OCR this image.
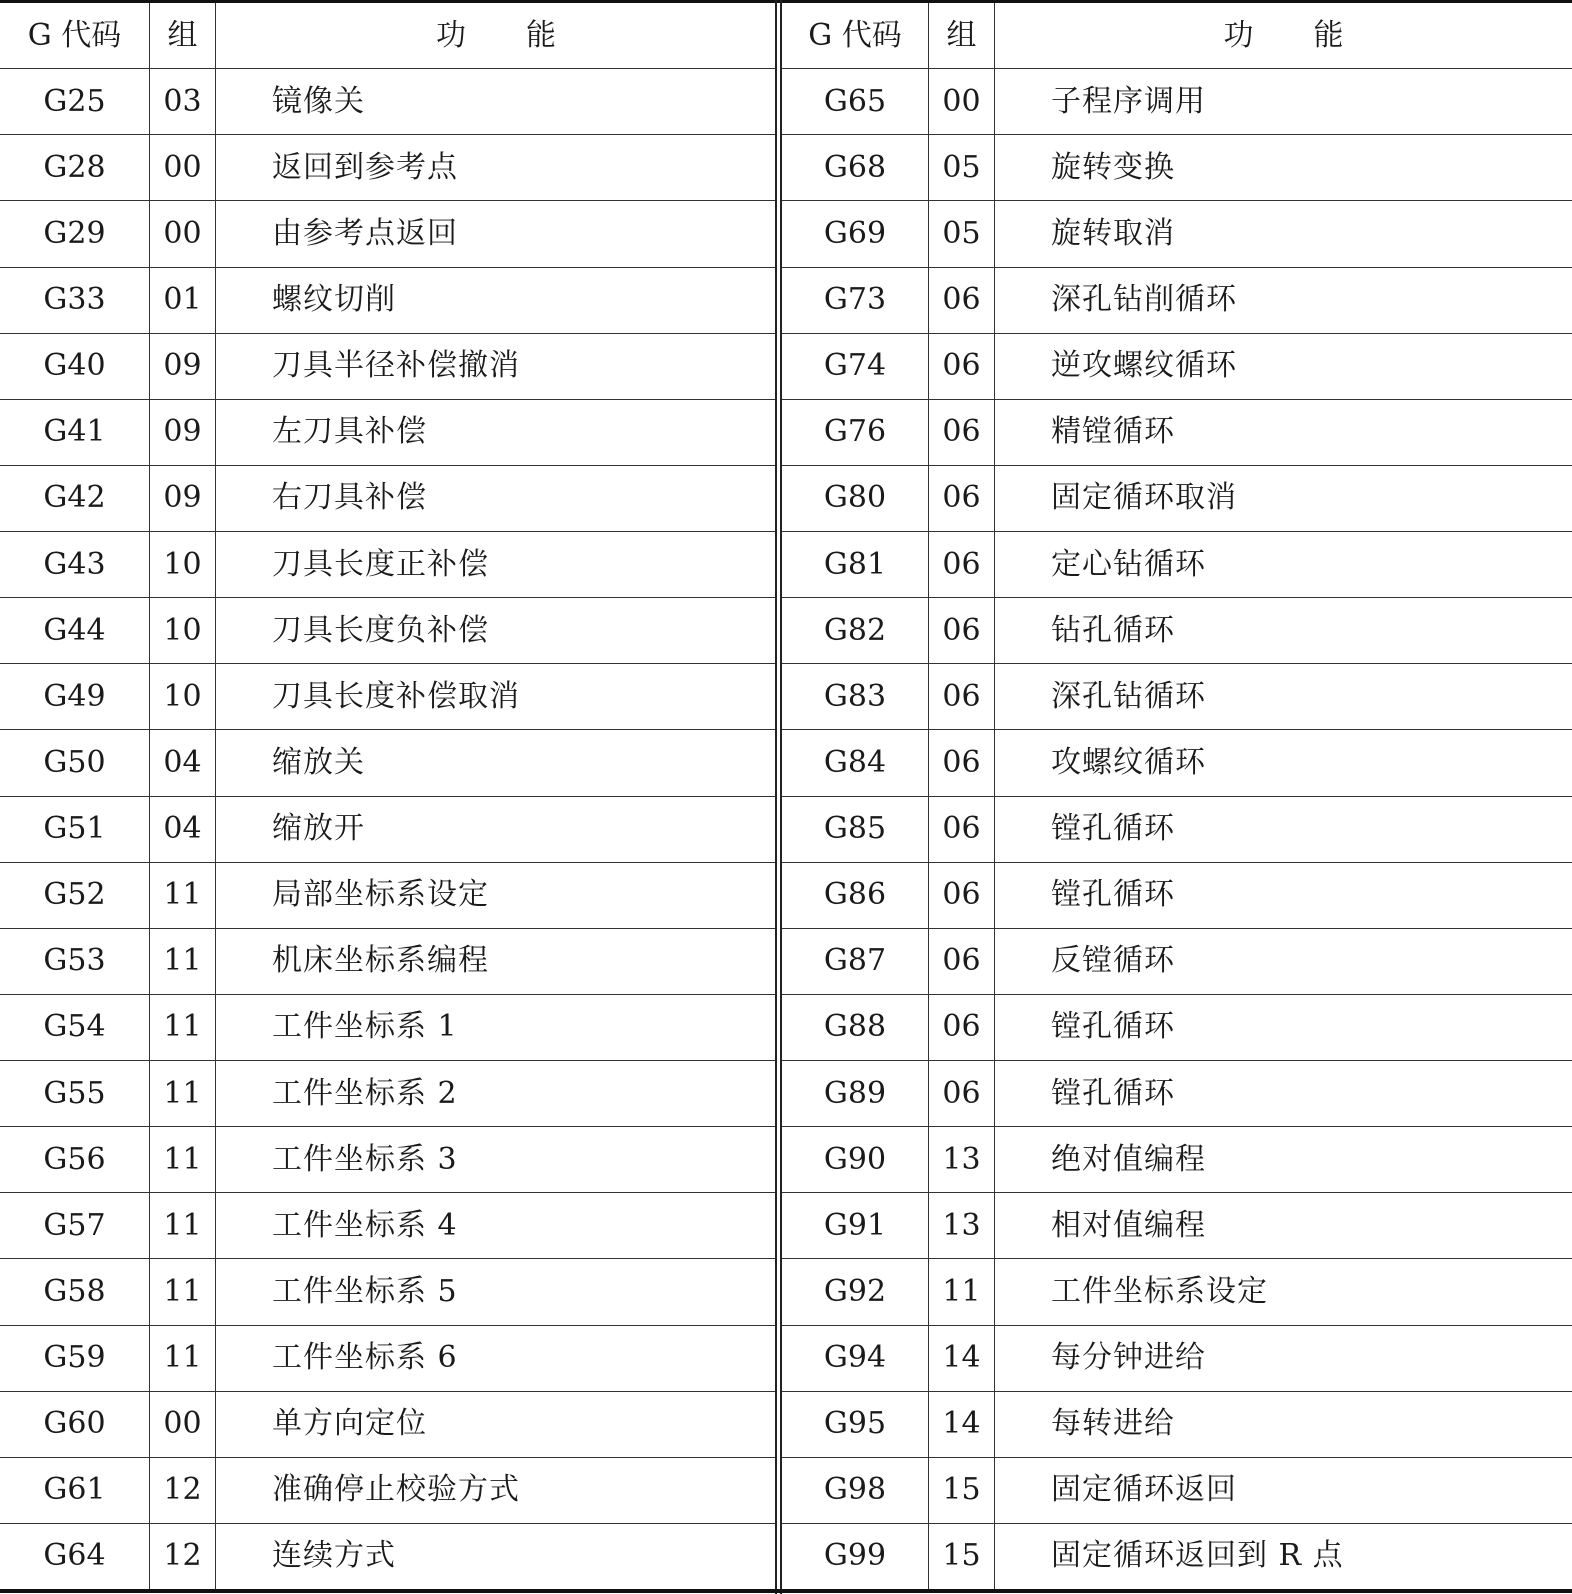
G 代码	组	功　　能
G25	03	镜像关
G28	00	返回到参考点
G29	00	由参考点返回
G33	01	螺纹切削
G40	09	刀具半径补偿撤消
G41	09	左刀具补偿
G42	09	右刀具补偿
G43	10	刀具长度正补偿
G44	10	刀具长度负补偿
G49	10	刀具长度补偿取消
G50	04	缩放关
G51	04	缩放开
G52	11	局部坐标系设定
G53	11	机床坐标系编程
G54	11	工件坐标系 1
G55	11	工件坐标系 2
G56	11	工件坐标系 3
G57	11	工件坐标系 4
G58	11	工件坐标系 5
G59	11	工件坐标系 6
G60	00	单方向定位
G61	12	准确停止校验方式
G64	12	连续方式
G 代码	组	功　　能
G65	00	子程序调用
G68	05	旋转变换
G69	05	旋转取消
G73	06	深孔钻削循环
G74	06	逆攻螺纹循环
G76	06	精镗循环
G80	06	固定循环取消
G81	06	定心钻循环
G82	06	钻孔循环
G83	06	深孔钻循环
G84	06	攻螺纹循环
G85	06	镗孔循环
G86	06	镗孔循环
G87	06	反镗循环
G88	06	镗孔循环
G89	06	镗孔循环
G90	13	绝对值编程
G91	13	相对值编程
G92	11	工件坐标系设定
G94	14	每分钟进给
G95	14	每转进给
G98	15	固定循环返回
G99	15	固定循环返回到 R 点
